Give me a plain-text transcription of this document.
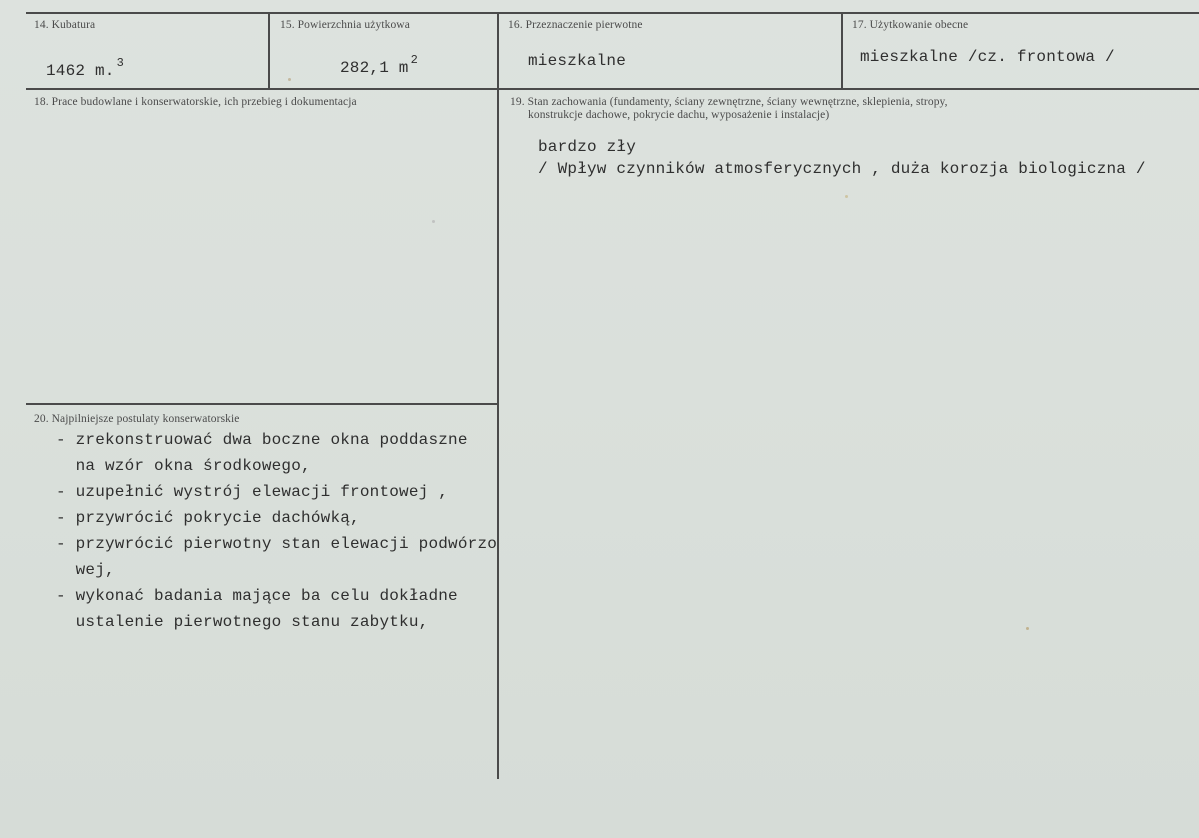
14. Kubatura
1462 m. $^3$
15. Powierzchnia użytkowa
282,1 m $^2$
16. Przeznaczenie pierwotne
mieszkalne
17. Użytkowanie obecne
mieszkalne /cz. frontowa /
18. Prace budowlane i konserwatorskie, ich przebieg i dokumentacja	19. Stan zachowania (fundamenty, ściany zewnętrzne, ściany wewnętrzne, sklepienia, stropy,
konstrukcje dachowe, pokrycie dachu, wyposażenie i instalacje)
bardzo zły
/ Wpływ czynników atmosferycznych , duża korozja biologiczna /
20. Najpilniejsze postulaty konserwatorskie
- zrekonstruować dwa boczne okna poddaszne
na wzór okna środkowego,
- uzupełnić wystrój elewacji frontowej ,
- przywrócić pokrycie dachówką,
- przywrócić pierwotny stan elewacji podwórzo
wej,
- wykonać badania mające ba celu dokładne
ustalenie pierwotnego stanu zabytku,
